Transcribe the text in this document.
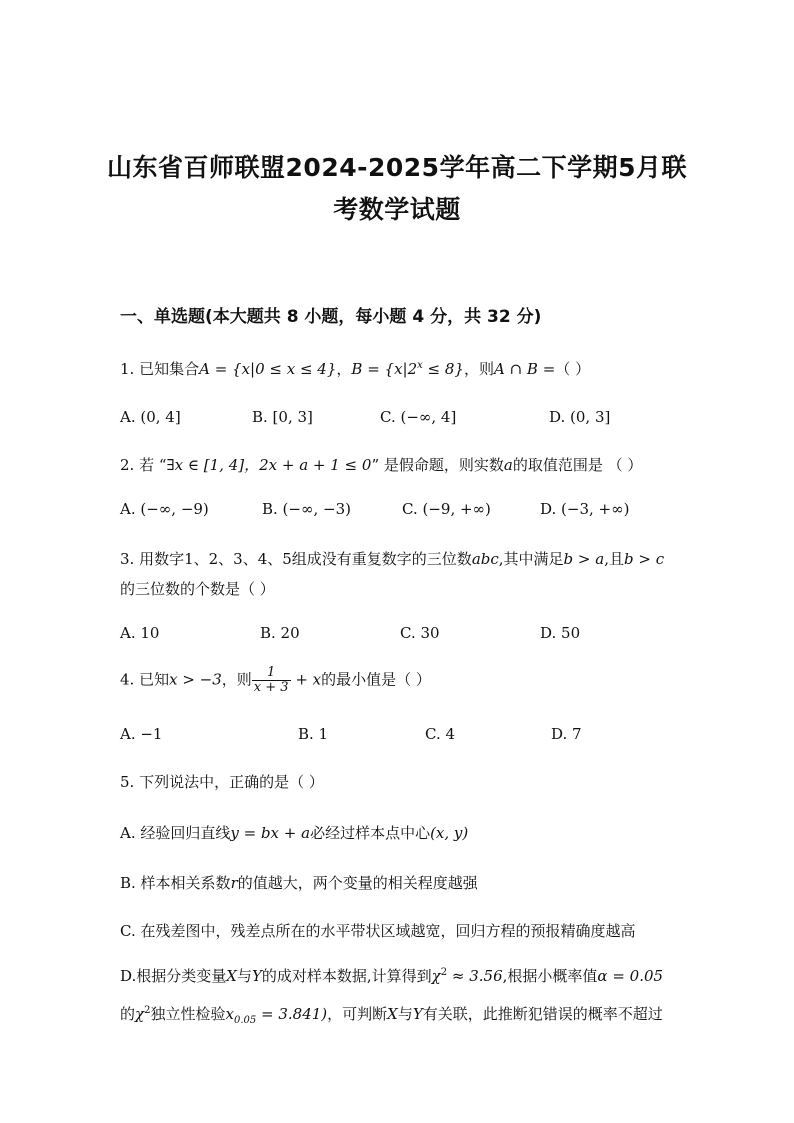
山东省百师联盟2024-2025学年高二下学期5月联
考数学试题
一、单选题(本大题共 8 小题，每小题 4 分，共 32 分)
1. 已知集合A = {x|0 ≤ x ≤ 4}，$B = \{x|2^x \le 8\}$，则A ∩ B =（ ）
A. (0, 4]	B. [0, 3]	C. (−∞, 4]	D. (0, 3]
2. 若 “∃x ∈ [1, 4]，2x + a + 1 ≤ 0” 是假命题，则实数a的取值范围是 （ ）
A. (−∞, −9)	B. (−∞, −3)	C. (−9, +∞)	D. (−3, +∞)
3. 用数字1、2、3、4、5组成没有重复数字的三位数abc,其中满足b > a,且b > c
的三位数的个数是（ ）
A. 10	B. 20	C. 30	D. 50
4. 已知x > −3，则 $\frac{1}{x + 3} + x$的最小值是（ ）
A. −1	B. 1	C. 4	D. 7
5. 下列说法中，正确的是（ ）
A. 经验回归直线y = bx + a必经过样本点中心(x, y)
B. 样本相关系数r的值越大，两个变量的相关程度越强
C. 在残差图中，残差点所在的水平带状区域越宽，回归方程的预报精确度越高
D.根据分类变量X与Y的成对样本数据,计算得到$\chi^2 \approx 3.56$,根据小概率值α = 0.05
的$\chi^2$独立性检验$x_{0.05} = 3.841$)，可判断X与Y有关联，此推断犯错误的概率不超过
